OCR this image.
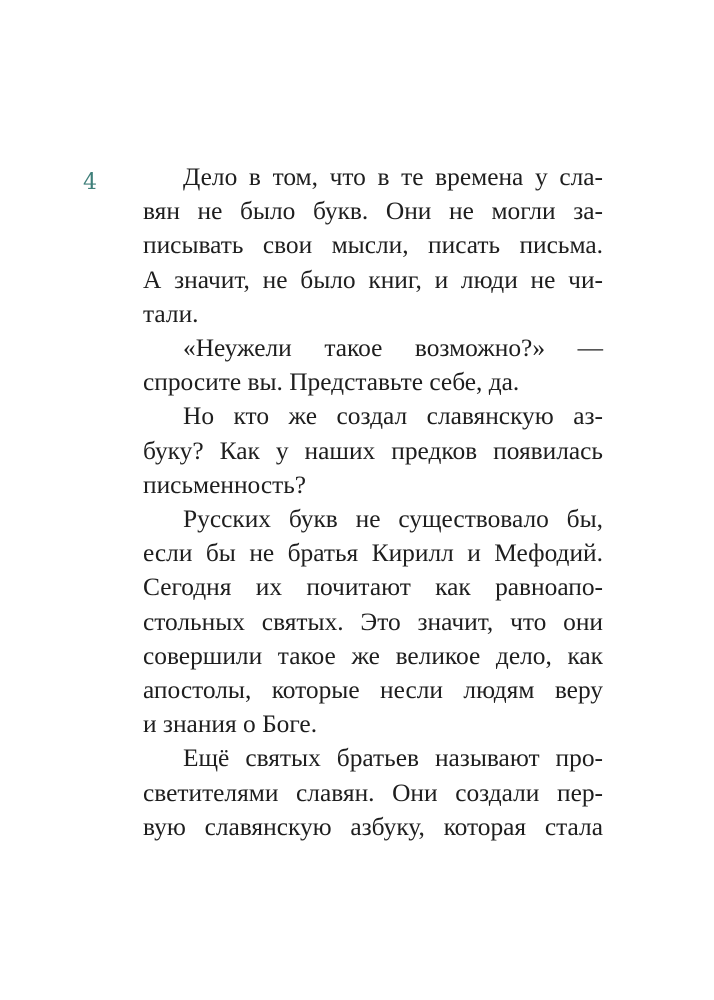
4	Дело в том, что в те времена у сла-
вян не было букв. Они не могли за-
писывать свои мысли, писать письма.
А значит, не было книг, и люди не чи-
тали.

«Неужели такое возможно?» —
спросите вы. Представьте себе, да.

Но кто же создал славянскую аз-
буку? Как у наших предков появилась
письменность?

Русских букв не существовало бы,
если бы не братья Кирилл и Мефодий.
Сегодня их почитают как равноапо-
стольных святых. Это значит, что они
совершили такое же великое дело, как
апостолы, которые несли людям веру
и знания о Боге.

Ещё святых братьев называют про-
светителями славян. Они создали пер-
вую славянскую азбуку, которая стала
